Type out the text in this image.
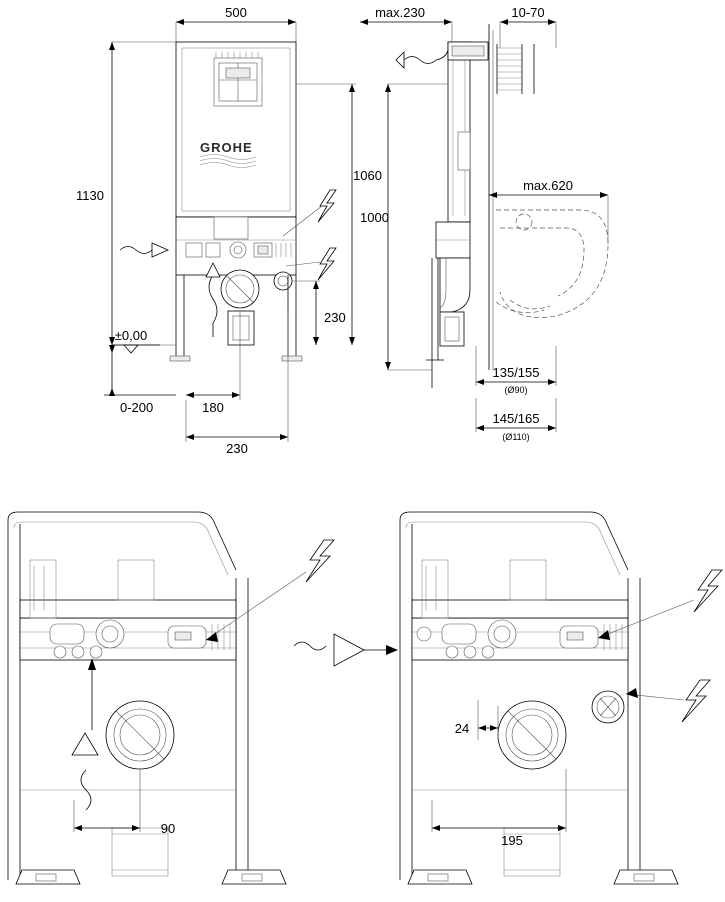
500
GROHE
1130
±0,00
0-200	180
230
1000
230
max.230	10-70
max.620
1060
135/155
(Ø90)
145/165
(Ø110)
90
24
195
